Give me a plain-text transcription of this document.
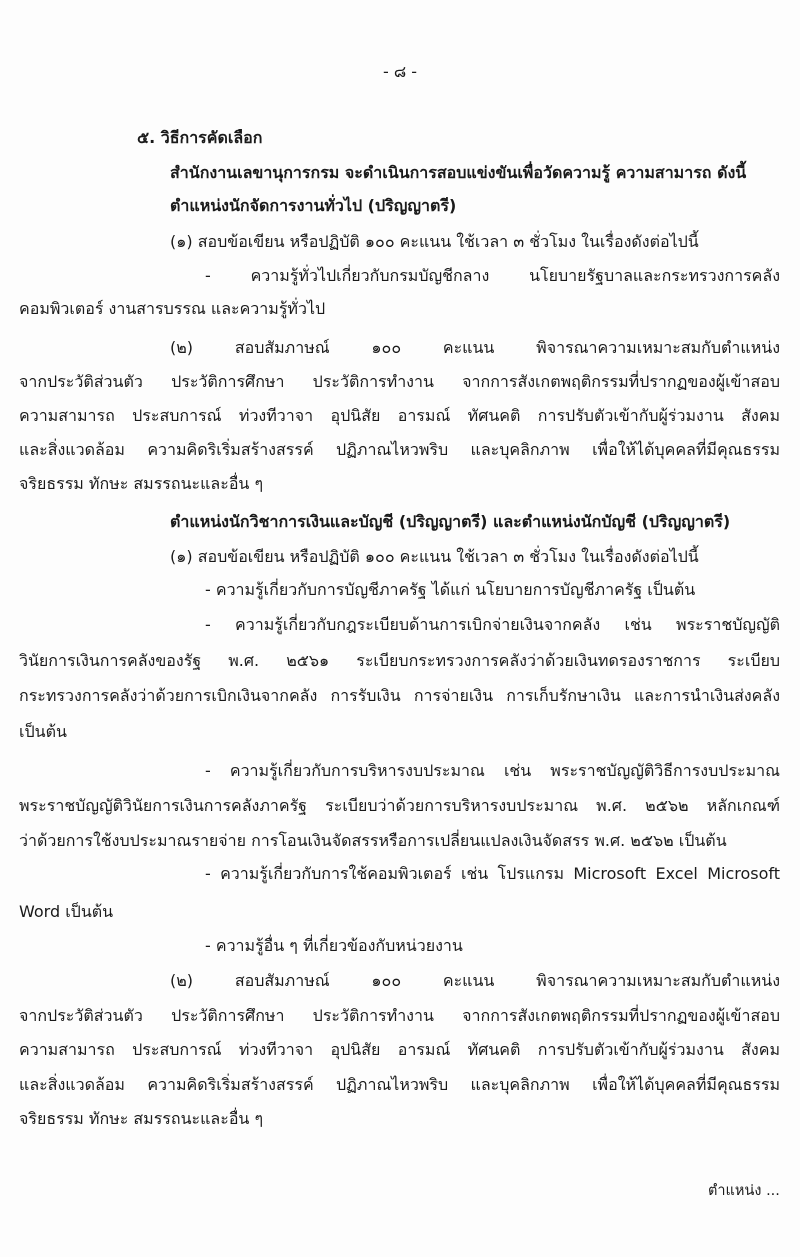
- ๘ -
๕. วิธีการคัดเลือก
สำนักงานเลขานุการกรม จะดำเนินการสอบแข่งขันเพื่อวัดความรู้ ความสามารถ ดังนี้
ตำแหน่งนักจัดการงานทั่วไป (ปริญญาตรี)
(๑) สอบข้อเขียน หรือปฏิบัติ ๑๐๐ คะแนน ใช้เวลา ๓ ชั่วโมง ในเรื่องดังต่อไปนี้
- ความรู้ทั่วไปเกี่ยวกับกรมบัญชีกลาง นโยบายรัฐบาลและกระทรวงการคลัง
คอมพิวเตอร์ งานสารบรรณ และความรู้ทั่วไป
(๒) สอบสัมภาษณ์ ๑๐๐ คะแนน พิจารณาความเหมาะสมกับตำแหน่ง
จากประวัติส่วนตัว ประวัติการศึกษา ประวัติการทำงาน จากการสังเกตพฤติกรรมที่ปรากฏของผู้เข้าสอบ
ความสามารถ ประสบการณ์ ท่วงทีวาจา อุปนิสัย อารมณ์ ทัศนคติ การปรับตัวเข้ากับผู้ร่วมงาน สังคม
และสิ่งแวดล้อม ความคิดริเริ่มสร้างสรรค์ ปฏิภาณไหวพริบ และบุคลิกภาพ เพื่อให้ได้บุคคลที่มีคุณธรรม
จริยธรรม ทักษะ สมรรถนะและอื่น ๆ
ตำแหน่งนักวิชาการเงินและบัญชี (ปริญญาตรี) และตำแหน่งนักบัญชี (ปริญญาตรี)
(๑) สอบข้อเขียน หรือปฏิบัติ ๑๐๐ คะแนน ใช้เวลา ๓ ชั่วโมง ในเรื่องดังต่อไปนี้
- ความรู้เกี่ยวกับการบัญชีภาครัฐ ได้แก่ นโยบายการบัญชีภาครัฐ เป็นต้น
- ความรู้เกี่ยวกับกฎระเบียบด้านการเบิกจ่ายเงินจากคลัง เช่น พระราชบัญญัติ
วินัยการเงินการคลังของรัฐ พ.ศ. ๒๕๖๑ ระเบียบกระทรวงการคลังว่าด้วยเงินทดรองราชการ ระเบียบ
กระทรวงการคลังว่าด้วยการเบิกเงินจากคลัง การรับเงิน การจ่ายเงิน การเก็บรักษาเงิน และการนำเงินส่งคลัง
เป็นต้น
- ความรู้เกี่ยวกับการบริหารงบประมาณ เช่น พระราชบัญญัติวิธีการงบประมาณ
พระราชบัญญัติวินัยการเงินการคลังภาครัฐ ระเบียบว่าด้วยการบริหารงบประมาณ พ.ศ. ๒๕๖๒ หลักเกณฑ์
ว่าด้วยการใช้งบประมาณรายจ่าย การโอนเงินจัดสรรหรือการเปลี่ยนแปลงเงินจัดสรร พ.ศ. ๒๕๖๒ เป็นต้น
- ความรู้เกี่ยวกับการใช้คอมพิวเตอร์ เช่น โปรแกรม Microsoft Excel Microsoft
Word เป็นต้น
- ความรู้อื่น ๆ ที่เกี่ยวข้องกับหน่วยงาน
(๒) สอบสัมภาษณ์ ๑๐๐ คะแนน พิจารณาความเหมาะสมกับตำแหน่ง
จากประวัติส่วนตัว ประวัติการศึกษา ประวัติการทำงาน จากการสังเกตพฤติกรรมที่ปรากฏของผู้เข้าสอบ
ความสามารถ ประสบการณ์ ท่วงทีวาจา อุปนิสัย อารมณ์ ทัศนคติ การปรับตัวเข้ากับผู้ร่วมงาน สังคม
และสิ่งแวดล้อม ความคิดริเริ่มสร้างสรรค์ ปฏิภาณไหวพริบ และบุคลิกภาพ เพื่อให้ได้บุคคลที่มีคุณธรรม
จริยธรรม ทักษะ สมรรถนะและอื่น ๆ
ตำแหน่ง ...
